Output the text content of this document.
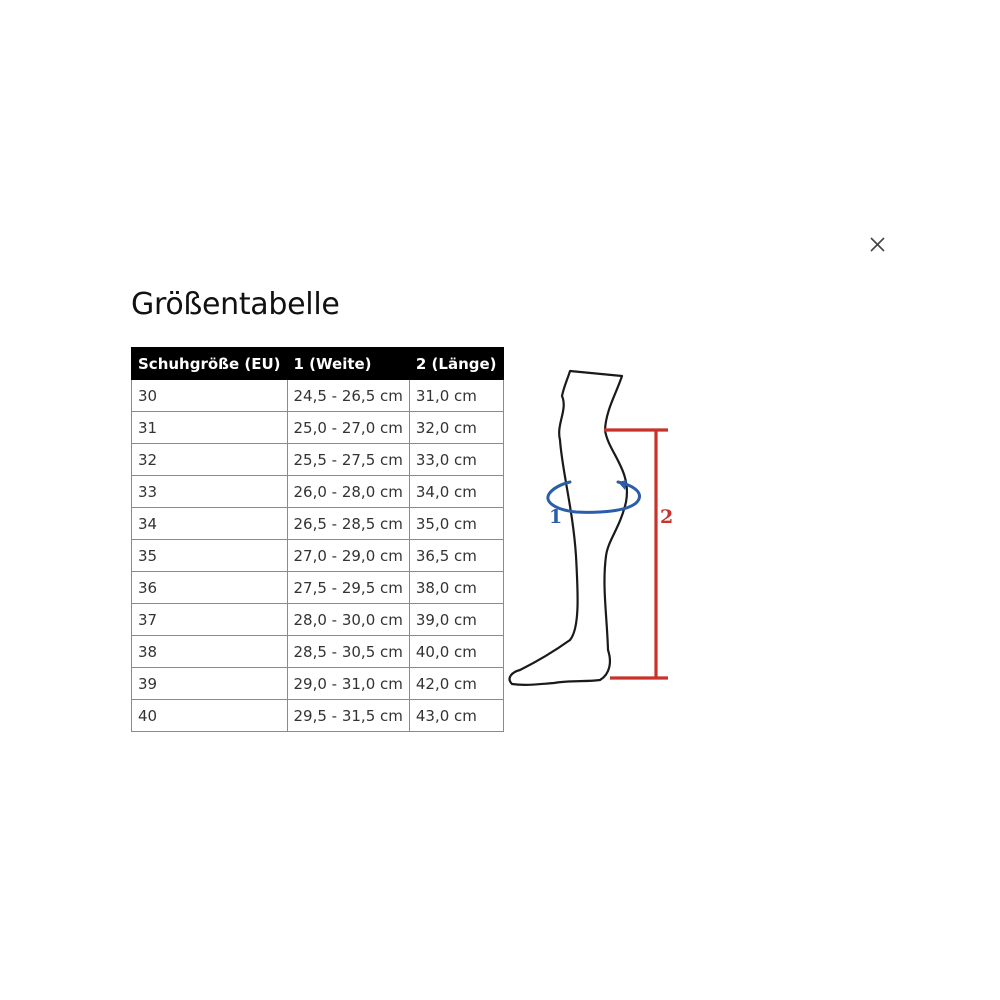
Größentabelle
Schuhgröße (EU)	1 (Weite)	2 (Länge)
30	24,5 - 26,5 cm	31,0 cm
31	25,0 - 27,0 cm	32,0 cm
32	25,5 - 27,5 cm	33,0 cm
33	26,0 - 28,0 cm	34,0 cm
34	26,5 - 28,5 cm	35,0 cm
35	27,0 - 29,0 cm	36,5 cm
36	27,5 - 29,5 cm	38,0 cm
37	28,0 - 30,0 cm	39,0 cm
38	28,5 - 30,5 cm	40,0 cm
39	29,0 - 31,0 cm	42,0 cm
40	29,5 - 31,5 cm	43,0 cm
1	2
